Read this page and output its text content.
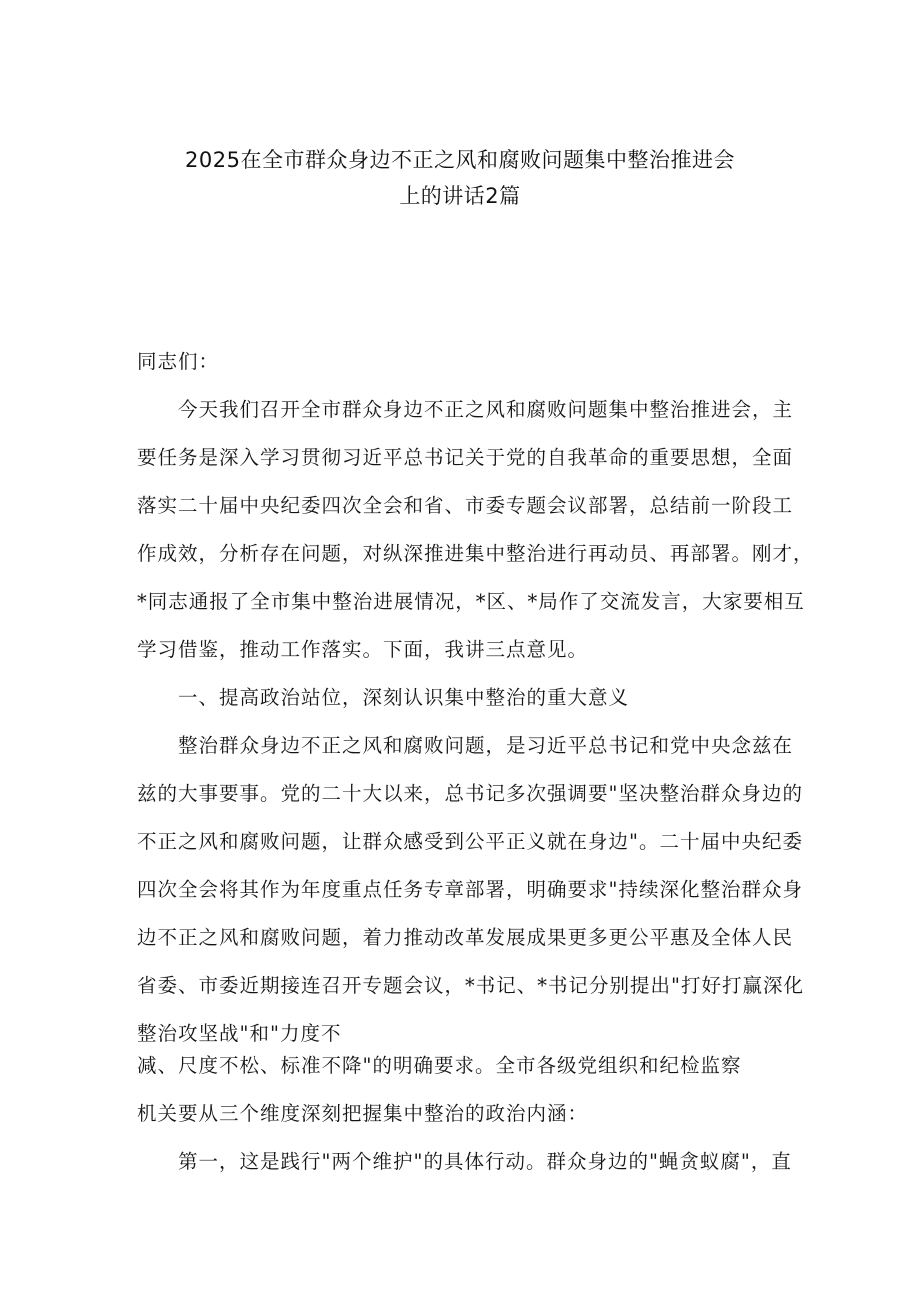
2025在全市群众身边不正之风和腐败问题集中整治推进会
上的讲话2篇
同志们：
　　今天我们召开全市群众身边不正之风和腐败问题集中整治推进会，主
要任务是深入学习贯彻习近平总书记关于党的自我革命的重要思想，全面
落实二十届中央纪委四次全会和省、市委专题会议部署，总结前一阶段工
作成效，分析存在问题，对纵深推进集中整治进行再动员、再部署。刚才，
*同志通报了全市集中整治进展情况，*区、*局作了交流发言，大家要相互
学习借鉴，推动工作落实。下面，我讲三点意见。
　　一、提高政治站位，深刻认识集中整治的重大意义
　　整治群众身边不正之风和腐败问题，是习近平总书记和党中央念兹在
兹的大事要事。党的二十大以来，总书记多次强调要"坚决整治群众身边的
不正之风和腐败问题，让群众感受到公平正义就在身边"。二十届中央纪委
四次全会将其作为年度重点任务专章部署，明确要求"持续深化整治群众身
边不正之风和腐败问题，着力推动改革发展成果更多更公平惠及全体人民
省委、市委近期接连召开专题会议，*书记、*书记分别提出"打好打赢深化
整治攻坚战"和"力度不
减、尺度不松、标准不降"的明确要求。全市各级党组织和纪检监察
机关要从三个维度深刻把握集中整治的政治内涵：
　　第一，这是践行"两个维护"的具体行动。群众身边的"蝇贪蚁腐"，直
